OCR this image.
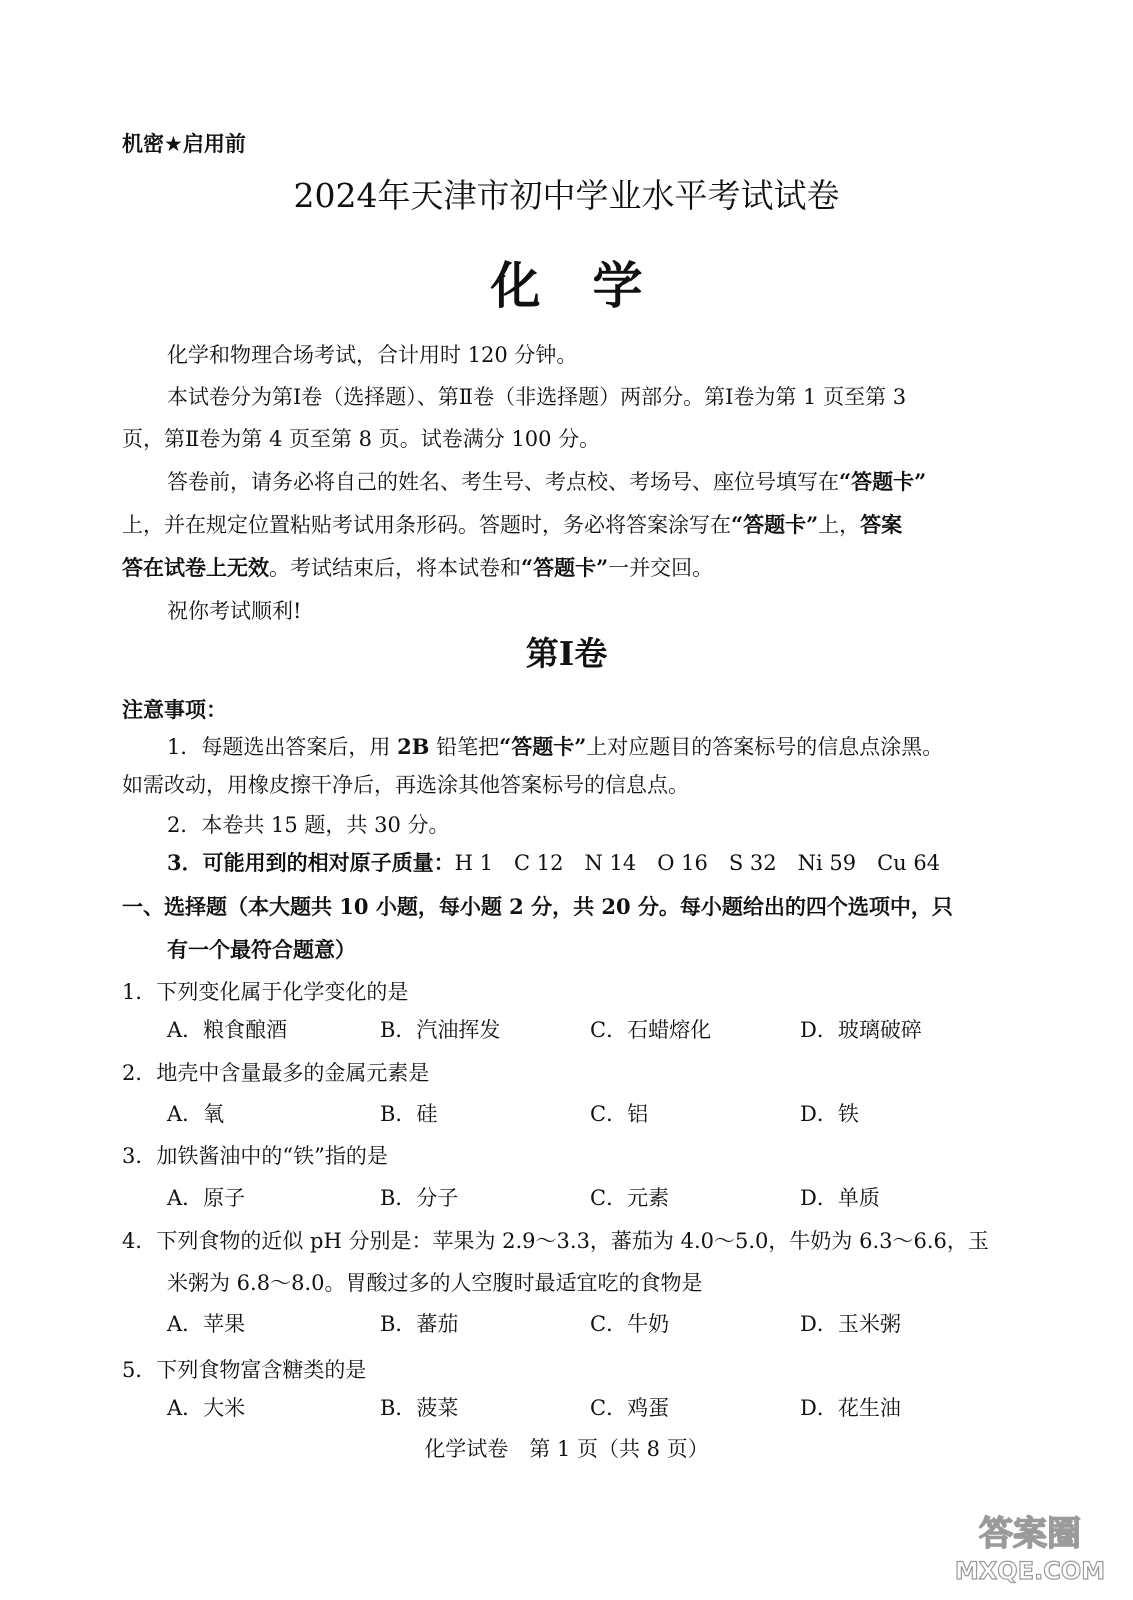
机密★启用前
2024年天津市初中学业水平考试试卷
化学
化学和物理合场考试，合计用时 120 分钟。
本试卷分为第Ⅰ卷（选择题）、第Ⅱ卷（非选择题）两部分。第Ⅰ卷为第 1 页至第 3
页，第Ⅱ卷为第 4 页至第 8 页。试卷满分 100 分。
答卷前，请务必将自己的姓名、考生号、考点校、考场号、座位号填写在“答题卡”
上，并在规定位置粘贴考试用条形码。答题时，务必将答案涂写在“答题卡”上，答案
答在试卷上无效。考试结束后，将本试卷和“答题卡”一并交回。
祝你考试顺利!
第Ⅰ卷
注意事项：
1．每题选出答案后，用 2B 铅笔把“答题卡”上对应题目的答案标号的信息点涂黑。
如需改动，用橡皮擦干净后，再选涂其他答案标号的信息点。
2．本卷共 15 题，共 30 分。
3．可能用到的相对原子质量：H 1　C 12　N 14　O 16　S 32　Ni 59　Cu 64
一、选择题（本大题共 10 小题，每小题 2 分，共 20 分。每小题给出的四个选项中，只
有一个最符合题意）
1．下列变化属于化学变化的是
A．粮食酿酒	B．汽油挥发	C．石蜡熔化	D．玻璃破碎
2．地壳中含量最多的金属元素是
A．氧	B．硅	C．铝	D．铁
3．加铁酱油中的“铁”指的是
A．原子	B．分子	C．元素	D．单质
4．下列食物的近似 pH 分别是：苹果为 2.9～3.3，蕃茄为 4.0～5.0，牛奶为 6.3～6.6，玉
米粥为 6.8～8.0。胃酸过多的人空腹时最适宜吃的食物是
A．苹果	B．蕃茄	C．牛奶	D．玉米粥
5．下列食物富含糖类的是
A．大米	B．菠菜	C．鸡蛋	D．花生油
化学试卷　第 1 页（共 8 页）
答案圈
MXQE.COM
